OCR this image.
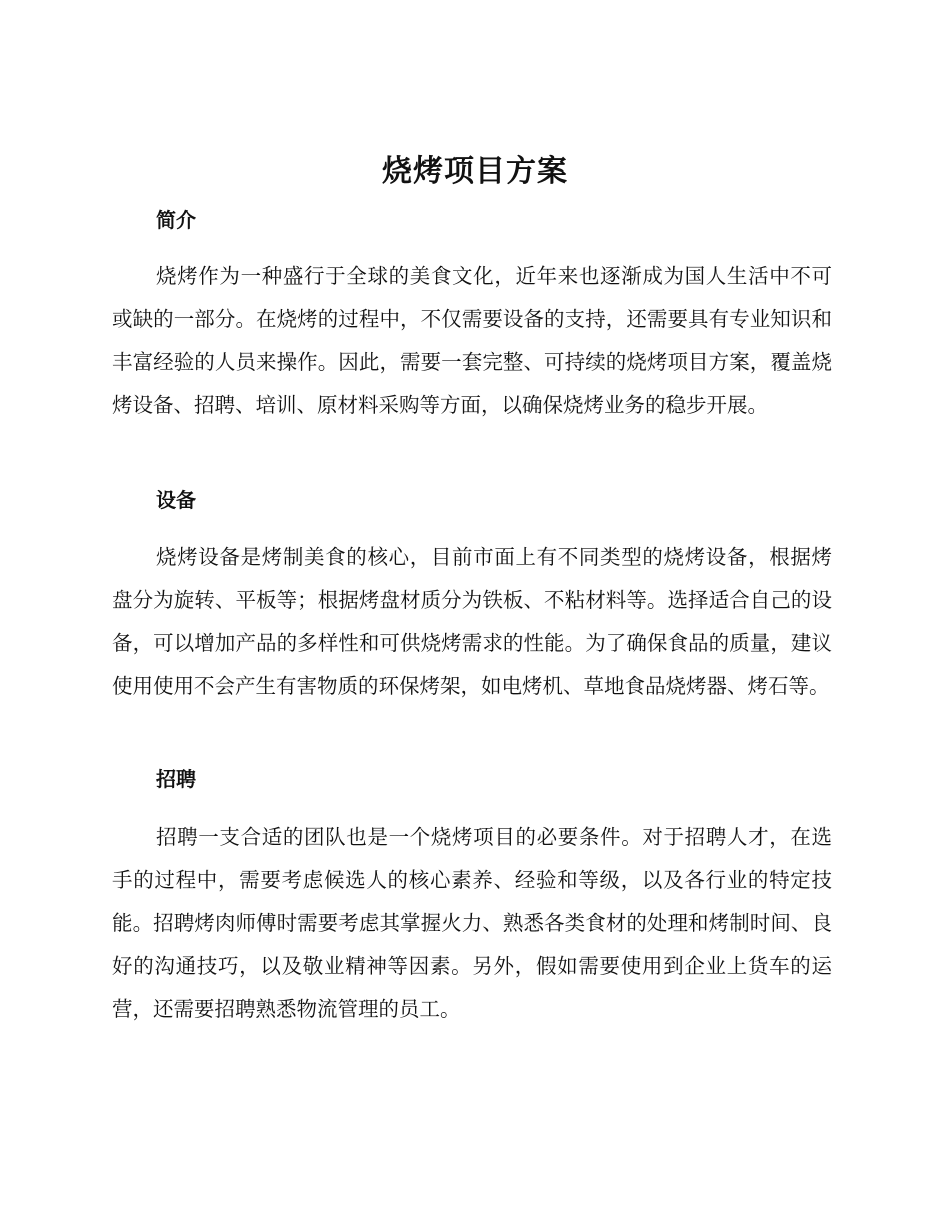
烧烤项目方案
简介

烧烤作为一种盛行于全球的美食文化，近年来也逐渐成为国人生活中不可或缺的一部分。在烧烤的过程中，不仅需要设备的支持，还需要具有专业知识和丰富经验的人员来操作。因此，需要一套完整、可持续的烧烤项目方案，覆盖烧烤设备、招聘、培训、原材料采购等方面，以确保烧烤业务的稳步开展。

设备

烧烤设备是烤制美食的核心，目前市面上有不同类型的烧烤设备，根据烤盘分为旋转、平板等；根据烤盘材质分为铁板、不粘材料等。选择适合自己的设备，可以增加产品的多样性和可供烧烤需求的性能。为了确保食品的质量，建议使用使用不会产生有害物质的环保烤架，如电烤机、草地食品烧烤器、烤石等。

招聘

招聘一支合适的团队也是一个烧烤项目的必要条件。对于招聘人才，在选手的过程中，需要考虑候选人的核心素养、经验和等级，以及各行业的特定技能。招聘烤肉师傅时需要考虑其掌握火力、熟悉各类食材的处理和烤制时间、良好的沟通技巧，以及敬业精神等因素。另外，假如需要使用到企业上货车的运营，还需要招聘熟悉物流管理的员工。
